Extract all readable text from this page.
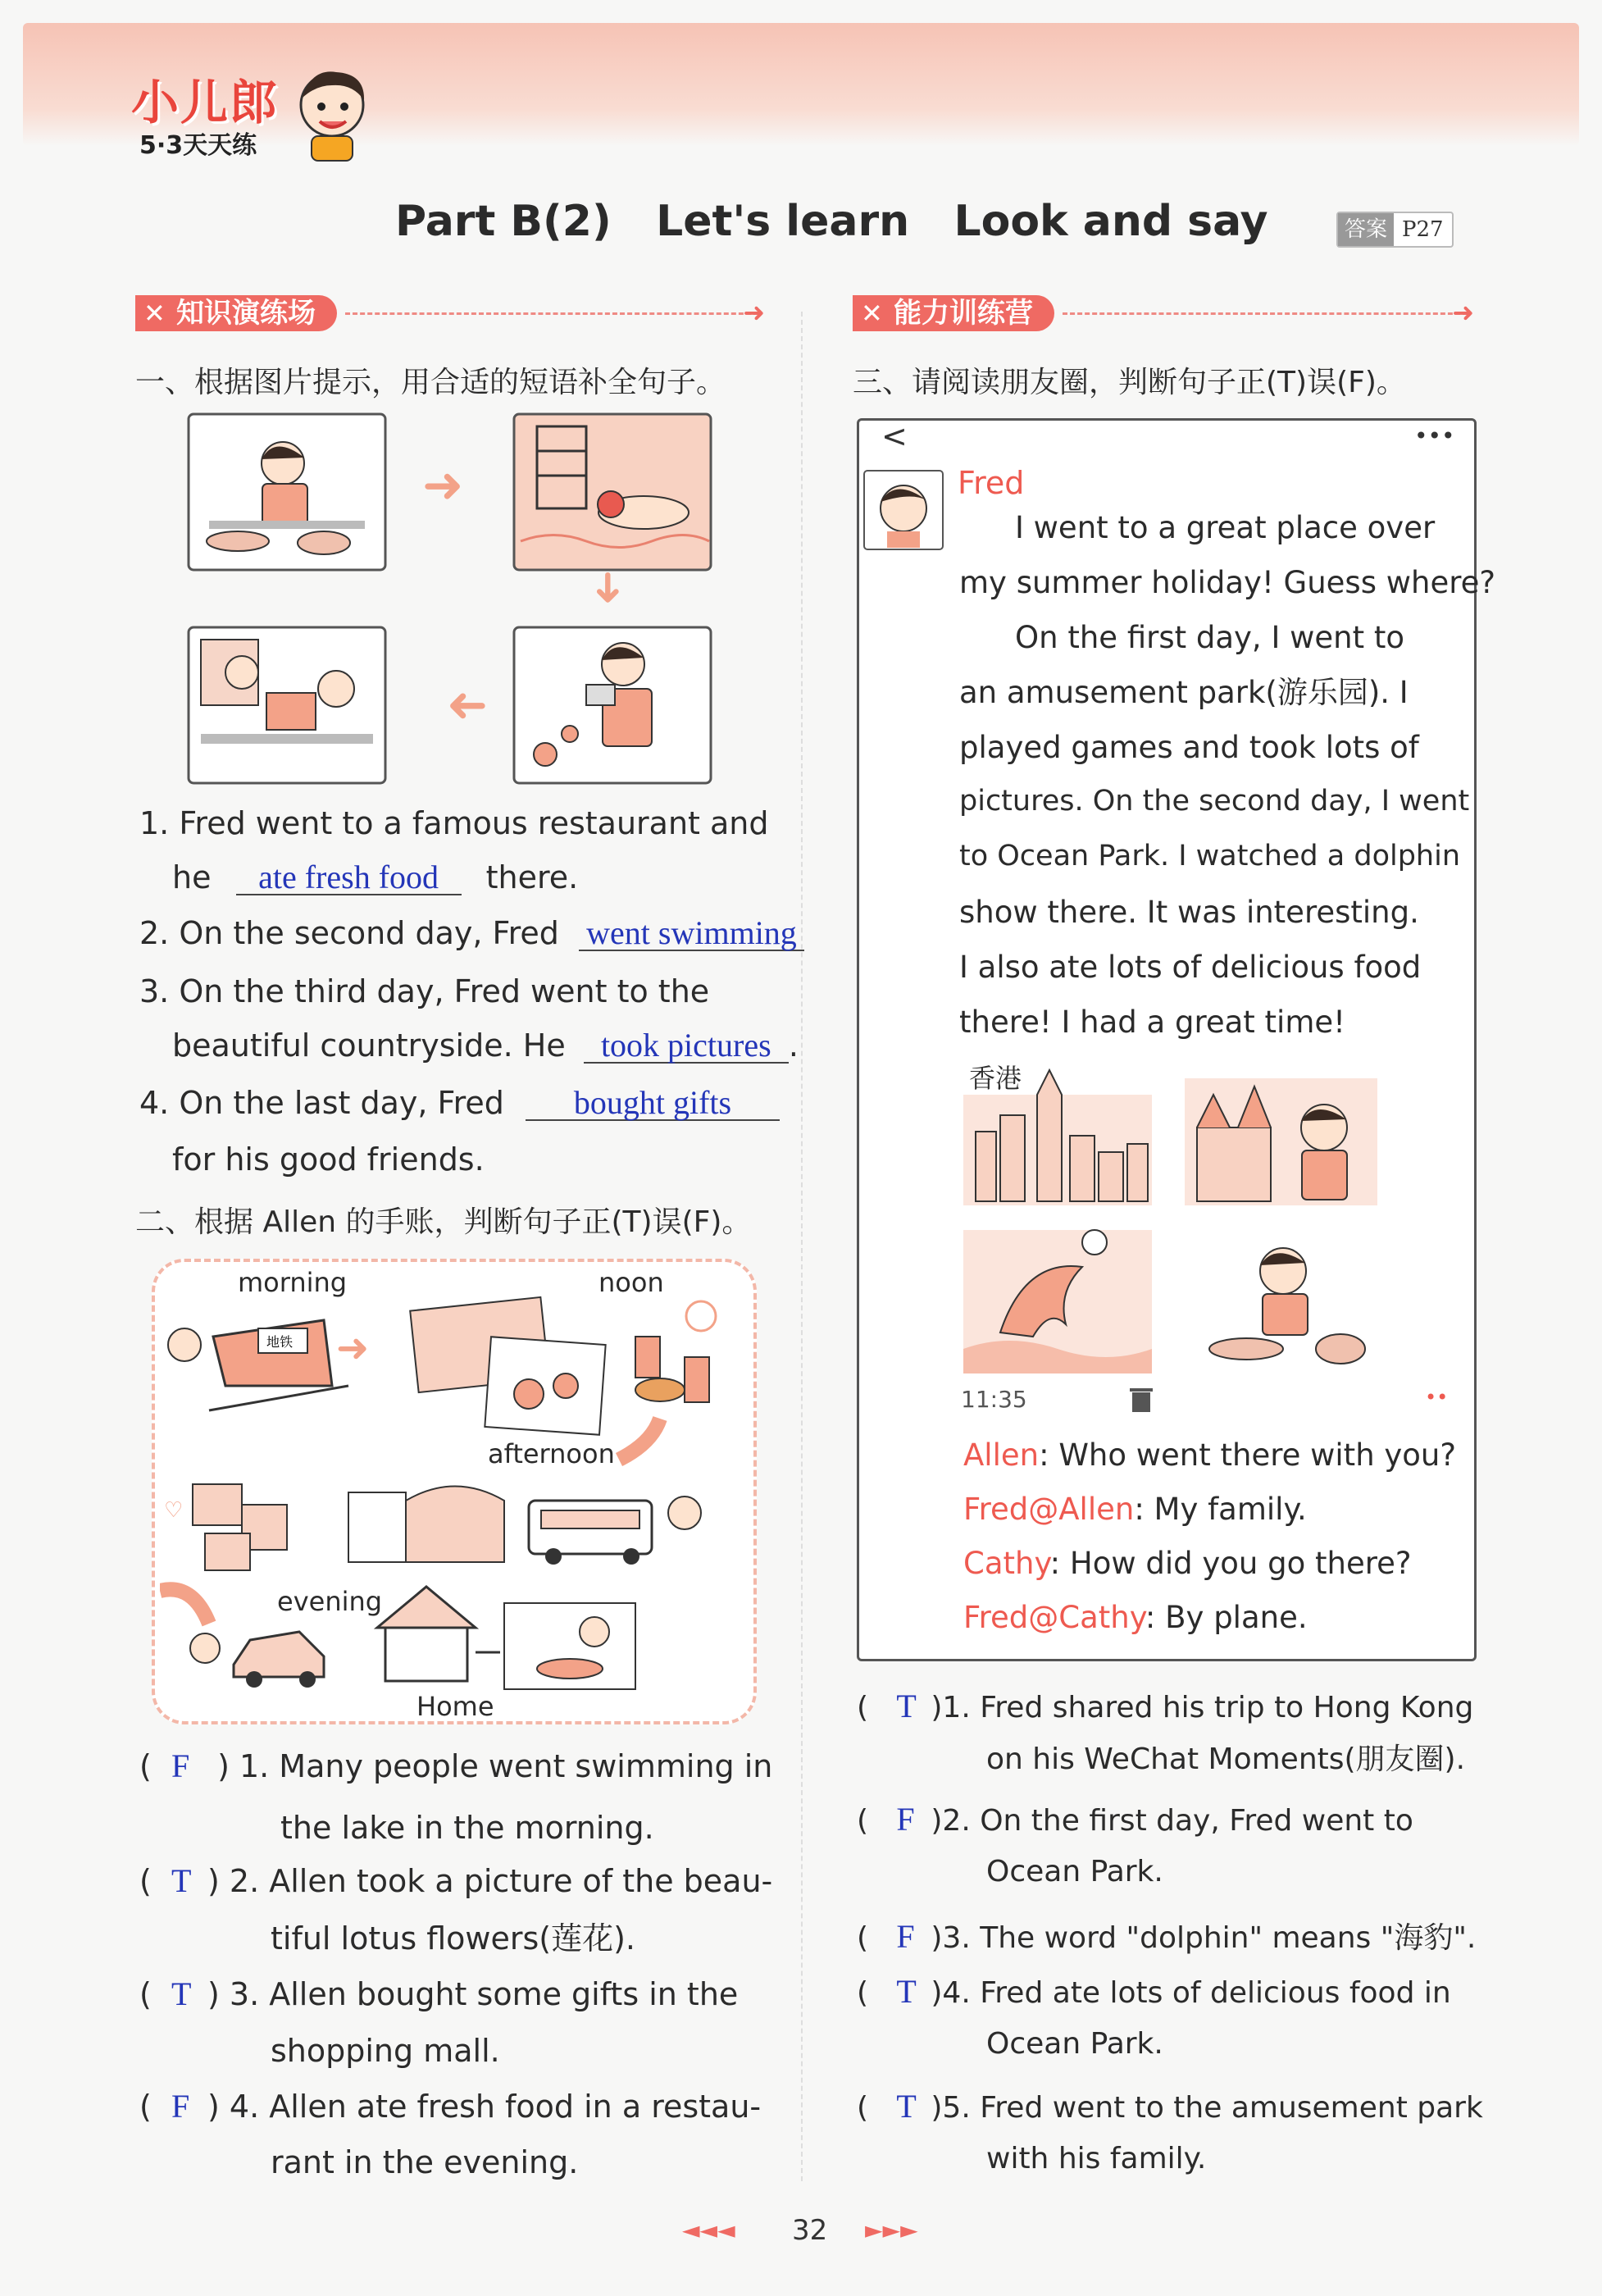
小儿郎
5·3天天练
Part B(2)   Let's learn   Look and say	答案 P27
✕ 知识演练场
➜
一、根据图片提示，用合适的短语补全句子。
➜
➜
➜
1. Fred went to a famous restaurant and
he ate fresh food there.
2. On the second day, Fred went swimming
3. On the third day, Fred went to the
beautiful countryside. He took pictures .
4. On the last day, Fred bought gifts
for his good friends.
二、根据 Allen 的手账，判断句子正(T)误(F)。
morning	noon
afternoon
evening
Home
地铁 ➜
♡
(  F ) 1. Many people went swimming in
the lake in the morning.
(  T ) 2. Allen took a picture of the beau-
tiful lotus flowers(莲花).
(  T ) 3. Allen bought some gifts in the
shopping mall.
(  F ) 4. Allen ate fresh food in a restau-
rant in the evening.
✕ 能力训练营
➜
三、请阅读朋友圈，判断句子正(T)误(F)。
<	•••
Fred
I went to a great place over
my summer holiday! Guess where?
On the first day, I went to
an amusement park(游乐园). I
played games and took lots of
pictures. On the second day, I went
to Ocean Park. I watched a dolphin
show there. It was interesting.
I also ate lots of delicious food
there! I had a great time!
香港
11:35	••
Allen: Who went there with you?
Fred@Allen: My family.
Cathy: How did you go there?
Fred@Cathy: By plane.
(   T )1. Fred shared his trip to Hong Kong
on his WeChat Moments(朋友圈).
(   F )2. On the first day, Fred went to
Ocean Park.
(   F )3. The word "dolphin" means "海豹".
(   T )4. Fred ate lots of delicious food in
Ocean Park.
(   T )5. Fred went to the amusement park
with his family.
◄◄◄ 32 ►►►
